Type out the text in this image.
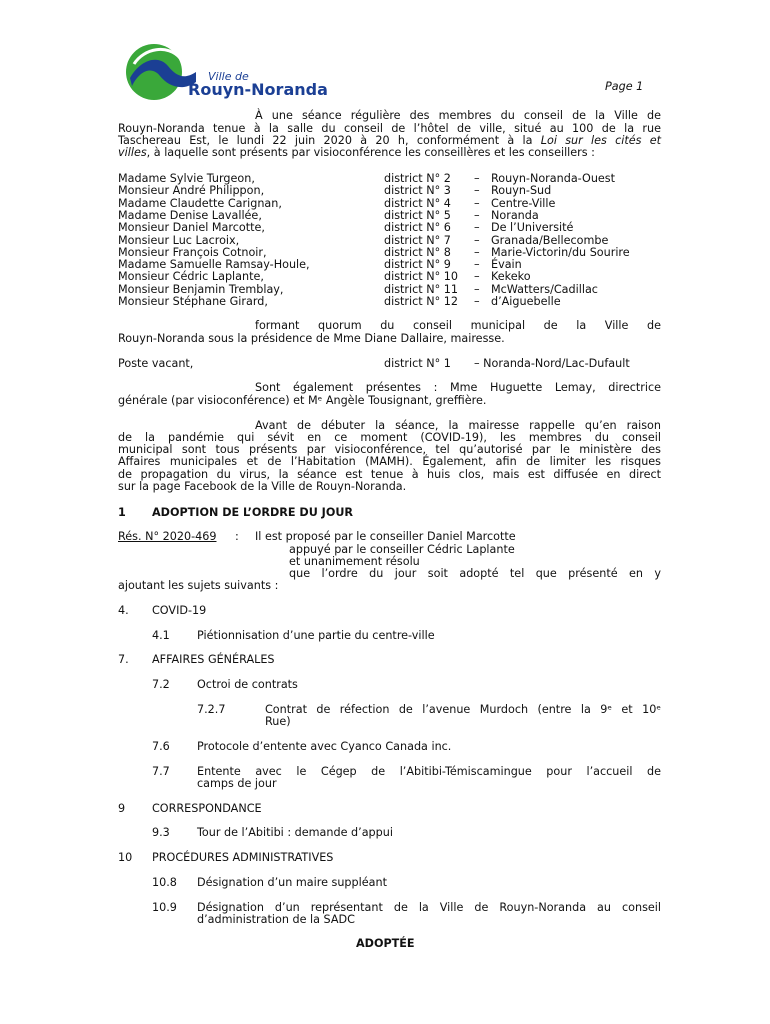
Ville de
Rouyn-Noranda	Page 1
À une séance régulière des membres du conseil de la Ville de
Rouyn-Noranda tenue à la salle du conseil de l’hôtel de ville, situé au 100 de la rue
Taschereau Est, le lundi 22 juin 2020 à 20 h, conformément à la Loi sur les cités et
villes, à laquelle sont présents par visioconférence les conseillères et les conseillers :
Madame Sylvie Turgeon,	district N° 2 – Rouyn-Noranda-Ouest
Monsieur André Philippon,	district N° 3 – Rouyn-Sud
Madame Claudette Carignan,	district N° 4 – Centre-Ville
Madame Denise Lavallée,	district N° 5 – Noranda
Monsieur Daniel Marcotte,	district N° 6 – De l’Université
Monsieur Luc Lacroix,	district N° 7 – Granada/Bellecombe
Monsieur François Cotnoir,	district N° 8 – Marie-Victorin/du Sourire
Madame Samuelle Ramsay-Houle,	district N° 9 – Évain
Monsieur Cédric Laplante,	district N° 10 – Kekeko
Monsieur Benjamin Tremblay,	district N° 11 – McWatters/Cadillac
Monsieur Stéphane Girard,	district N° 12 – d’Aiguebelle
formant quorum du conseil municipal de la Ville de
Rouyn-Noranda sous la présidence de Mme Diane Dallaire, mairesse.
Poste vacant,	district N° 1 – Noranda-Nord/Lac-Dufault
Sont également présentes : Mme Huguette Lemay, directrice
générale (par visioconférence) et Mᵉ Angèle Tousignant, greffière.
Avant de débuter la séance, la mairesse rappelle qu’en raison
de la pandémie qui sévit en ce moment (COVID-19), les membres du conseil
municipal sont tous présents par visioconférence, tel qu’autorisé par le ministère des
Affaires municipales et de l’Habitation (MAMH). Également, afin de limiter les risques
de propagation du virus, la séance est tenue à huis clos, mais est diffusée en direct
sur la page Facebook de la Ville de Rouyn-Noranda.
1 ADOPTION DE L’ORDRE DU JOUR
Rés. N° 2020-469 : Il est proposé par le conseiller Daniel Marcotte
appuyé par le conseiller Cédric Laplante
et unanimement résolu
que l’ordre du jour soit adopté tel que présenté en y
ajoutant les sujets suivants :
4. COVID-19
4.1 Piétionnisation d’une partie du centre-ville
7. AFFAIRES GÉNÉRALES
7.2 Octroi de contrats
7.2.7	Contrat de réfection de l’avenue Murdoch (entre la 9ᵉ et 10ᵉ
Rue)
7.6 Protocole d’entente avec Cyanco Canada inc.
7.7 Entente avec le Cégep de l’Abitibi-Témiscamingue pour l’accueil de
camps de jour
9 CORRESPONDANCE
9.3 Tour de l’Abitibi : demande d’appui
10 PROCÉDURES ADMINISTRATIVES
10.8 Désignation d’un maire suppléant
10.9 Désignation d’un représentant de la Ville de Rouyn-Noranda au conseil
d’administration de la SADC
ADOPTÉE
